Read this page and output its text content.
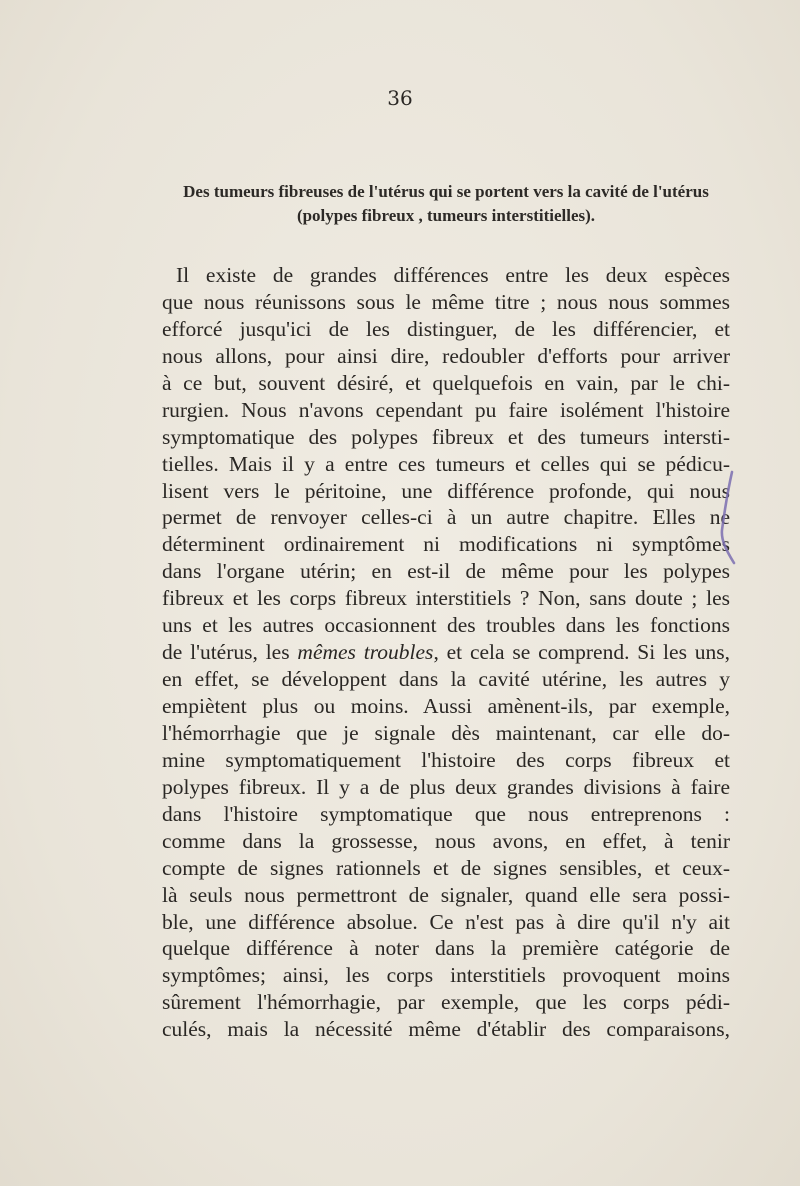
36
Des tumeurs fibreuses de l'utérus qui se portent vers la cavité de l'utérus
(polypes fibreux , tumeurs interstitielles).
Il existe de grandes différences entre les deux espèces
que nous réunissons sous le même titre ; nous nous sommes
efforcé jusqu'ici de les distinguer, de les différencier, et
nous allons, pour ainsi dire, redoubler d'efforts pour arriver
à ce but, souvent désiré, et quelquefois en vain, par le chi-
rurgien. Nous n'avons cependant pu faire isolément l'histoire
symptomatique des polypes fibreux et des tumeurs intersti-
tielles. Mais il y a entre ces tumeurs et celles qui se pédicu-
lisent vers le péritoine, une différence profonde, qui nous
permet de renvoyer celles-ci à un autre chapitre. Elles ne
déterminent ordinairement ni modifications ni symptômes
dans l'organe utérin; en est-il de même pour les polypes
fibreux et les corps fibreux interstitiels ? Non, sans doute ; les
uns et les autres occasionnent des troubles dans les fonctions
de l'utérus, les mêmes troubles, et cela se comprend. Si les uns,
en effet, se développent dans la cavité utérine, les autres y
empiètent plus ou moins. Aussi amènent-ils, par exemple,
l'hémorrhagie que je signale dès maintenant, car elle do-
mine symptomatiquement l'histoire des corps fibreux et
polypes fibreux. Il y a de plus deux grandes divisions à faire
dans l'histoire symptomatique que nous entreprenons :
comme dans la grossesse, nous avons, en effet, à tenir
compte de signes rationnels et de signes sensibles, et ceux-
là seuls nous permettront de signaler, quand elle sera possi-
ble, une différence absolue. Ce n'est pas à dire qu'il n'y ait
quelque différence à noter dans la première catégorie de
symptômes; ainsi, les corps interstitiels provoquent moins
sûrement l'hémorrhagie, par exemple, que les corps pédi-
culés, mais la nécessité même d'établir des comparaisons,
